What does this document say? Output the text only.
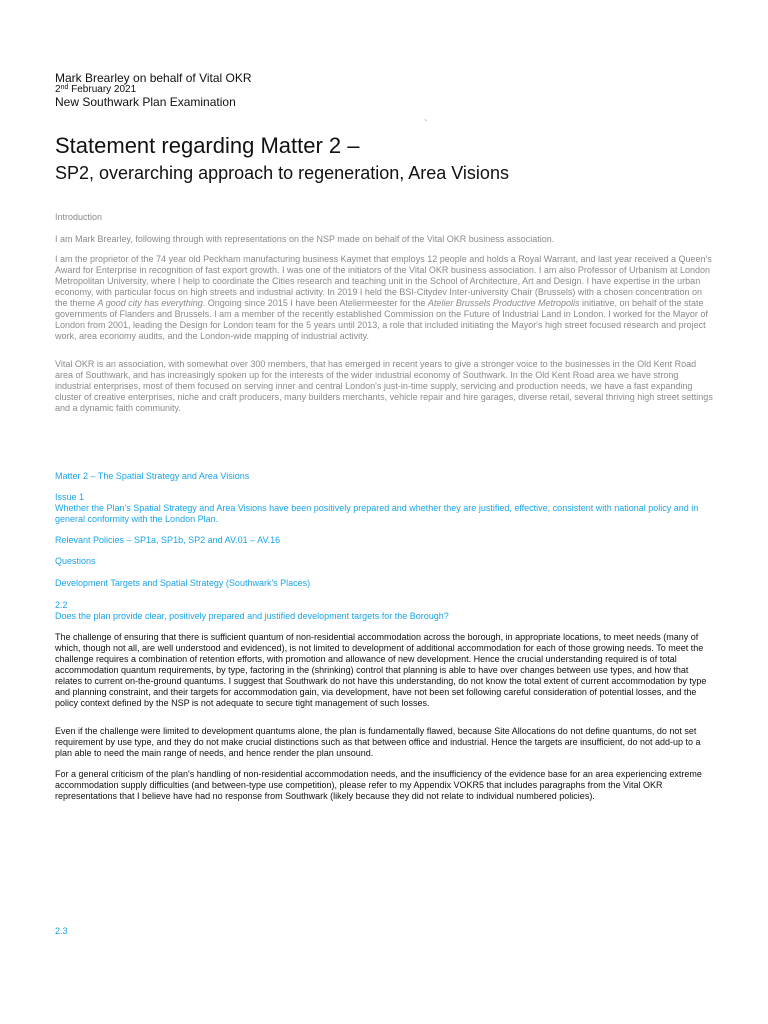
Mark Brearley on behalf of Vital OKR

2nd February 2021

New Southwark Plan Examination

`
Statement regarding Matter 2 –
SP2, overarching approach to regeneration, Area Visions

Introduction

I am Mark Brearley, following through with representations on the NSP made on behalf of the Vital OKR business association.

I am the proprietor of the 74 year old Peckham manufacturing business Kaymet that employs 12 people and holds a Royal Warrant, and last year received a Queen's Award for Enterprise in recognition of fast export growth. I was one of the initiators of the Vital OKR business association. I am also Professor of Urbanism at London Metropolitan University, where I help to coordinate the Cities research and teaching unit in the School of Architecture, Art and Design. I have expertise in the urban economy, with particular focus on high streets and industrial activity. In 2019 I held the BSI-Citydev Inter-university Chair (Brussels) with a chosen concentration on the theme A good city has everything. Ongoing since 2015 I have been Ateliermeester for the Atelier Brussels Productive Metropolis initiative, on behalf of the state governments of Flanders and Brussels. I am a member of the recently established Commission on the Future of Industrial Land in London. I worked for the Mayor of London from 2001, leading the Design for London team for the 5 years until 2013, a role that included initiating the Mayor's high street focused research and project work, area economy audits, and the London-wide mapping of industrial activity.

Vital OKR is an association, with somewhat over 300 members, that has emerged in recent years to give a stronger voice to the businesses in the Old Kent Road area of Southwark, and has increasingly spoken up for the interests of the wider industrial economy of Southwark. In the Old Kent Road area we have strong industrial enterprises, most of them focused on serving inner and central London's just-in-time supply, servicing and production needs, we have a fast expanding cluster of creative enterprises, niche and craft producers, many builders merchants, vehicle repair and hire garages, diverse retail, several thriving high street settings and a dynamic faith community.

Matter 2 – The Spatial Strategy and Area Visions

Issue 1

Whether the Plan's Spatial Strategy and Area Visions have been positively prepared and whether they are justified, effective, consistent with national policy and in general conformity with the London Plan.

Relevant Policies – SP1a, SP1b, SP2 and AV.01 – AV.16

Questions

Development Targets and Spatial Strategy (Southwark's Places)

2.2

Does the plan provide clear, positively prepared and justified development targets for the Borough?

The challenge of ensuring that there is sufficient quantum of non-residential accommodation across the borough, in appropriate locations, to meet needs (many of which, though not all, are well understood and evidenced), is not limited to development of additional accommodation for each of those growing needs. To meet the challenge requires a combination of retention efforts, with promotion and allowance of new development. Hence the crucial understanding required is of total accommodation quantum requirements, by type, factoring in the (shrinking) control that planning is able to have over changes between use types, and how that relates to current on-the-ground quantums. I suggest that Southwark do not have this understanding, do not know the total extent of current accommodation by type and planning constraint, and their targets for accommodation gain, via development, have not been set following careful consideration of potential losses, and the policy context defined by the NSP is not adequate to secure tight management of such losses.

Even if the challenge were limited to development quantums alone, the plan is fundamentally flawed, because Site Allocations do not define quantums, do not set requirement by use type, and they do not make crucial distinctions such as that between office and industrial. Hence the targets are insufficient, do not add-up to a plan able to need the main range of needs, and hence render the plan unsound.

For a general criticism of the plan's handling of non-residential accommodation needs, and the insufficiency of the evidence base for an area experiencing extreme accommodation supply difficulties (and between-type use competition), please refer to my Appendix VOKR5 that includes paragraphs from the Vital OKR representations that I believe have had no response from Southwark (likely because they did not relate to individual numbered policies).

2.3
